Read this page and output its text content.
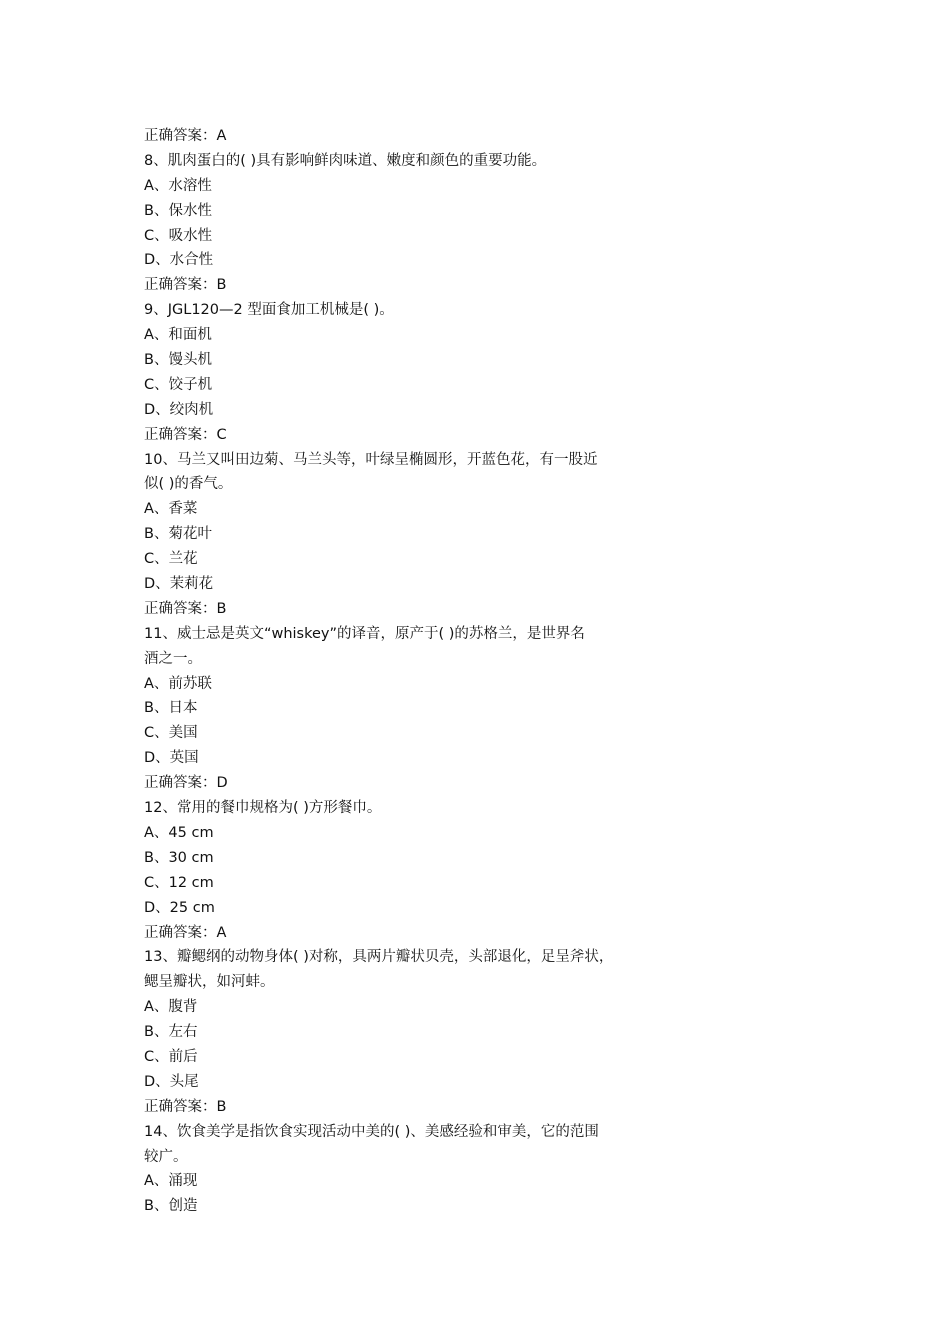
正确答案：A
8、肌肉蛋白的( )具有影响鲜肉味道、嫩度和颜色的重要功能。
A、水溶性
B、保水性
C、吸水性
D、水合性
正确答案：B
9、JGL120—2 型面食加工机械是( )。
A、和面机
B、馒头机
C、饺子机
D、绞肉机
正确答案：C
10、马兰又叫田边菊、马兰头等，叶绿呈椭圆形，开蓝色花，有一股近
似( )的香气。
A、香菜
B、菊花叶
C、兰花
D、茉莉花
正确答案：B
11、威士忌是英文“whiskey”的译音，原产于( )的苏格兰，是世界名
酒之一。
A、前苏联
B、日本
C、美国
D、英国
正确答案：D
12、常用的餐巾规格为( )方形餐巾。
A、45 cm
B、30 cm
C、12 cm
D、25 cm
正确答案：A
13、瓣鳃纲的动物身体( )对称，具两片瓣状贝壳，头部退化，足呈斧状，
鳃呈瓣状，如河蚌。
A、腹背
B、左右
C、前后
D、头尾
正确答案：B
14、饮食美学是指饮食实现活动中美的( )、美感经验和审美，它的范围
较广。
A、涌现
B、创造
